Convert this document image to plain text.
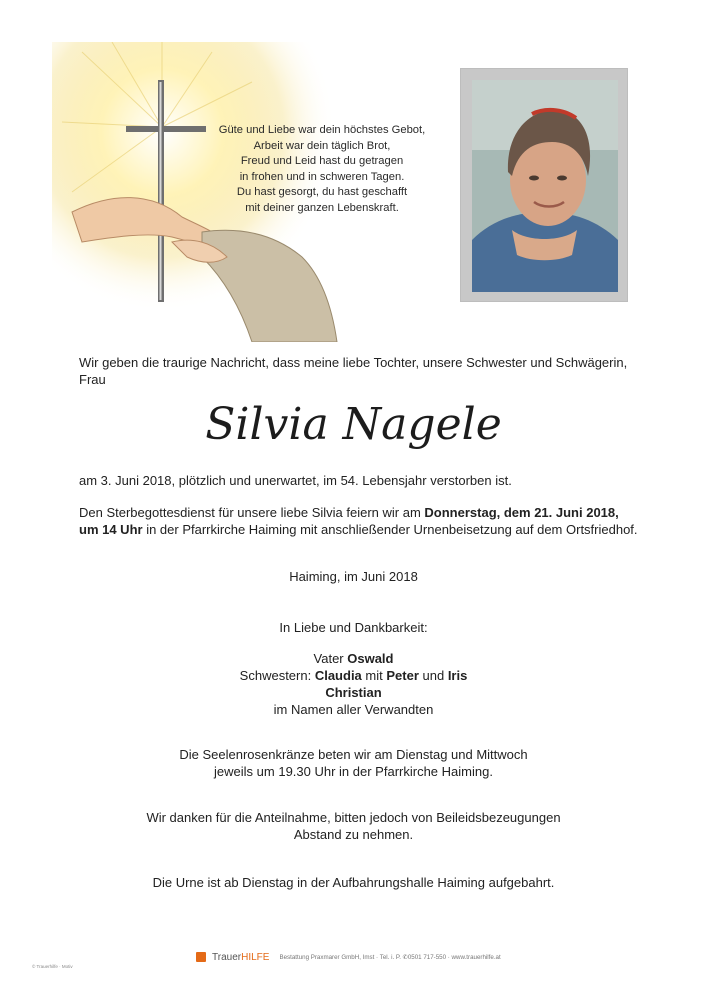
Güte und Liebe war dein höchstes Gebot,
Arbeit war dein täglich Brot,
Freud und Leid hast du getragen
in frohen und in schweren Tagen.
Du hast gesorgt, du hast geschafft
mit deiner ganzen Lebenskraft.
Wir geben die traurige Nachricht, dass meine liebe Tochter, unsere Schwester und Schwägerin, Frau
Silvia Nagele
am 3. Juni 2018, plötzlich und unerwartet, im 54. Lebensjahr verstorben ist.
Den Sterbegottesdienst für unsere liebe Silvia feiern wir am Donnerstag, dem 21. Juni 2018, um 14 Uhr in der Pfarrkirche Haiming mit anschließender Urnenbeisetzung auf dem Ortsfriedhof.
Haiming, im Juni 2018
In Liebe und Dankbarkeit:
Vater Oswald
Schwestern: Claudia mit Peter und Iris
Christian
im Namen aller Verwandten
Die Seelenrosenkränze beten wir am Dienstag und Mittwoch
jeweils um 19.30 Uhr in der Pfarrkirche Haiming.
Wir danken für die Anteilnahme, bitten jedoch von Beileidsbezeugungen
Abstand zu nehmen.
Die Urne ist ab Dienstag in der Aufbahrungshalle Haiming aufgebahrt.
TrauerHILFE Bestattung Praxmarer GmbH, Imst · Tel. i. P. ✆0501 717-550 · www.trauerhilfe.at
© Trauerhilfe · Motiv
